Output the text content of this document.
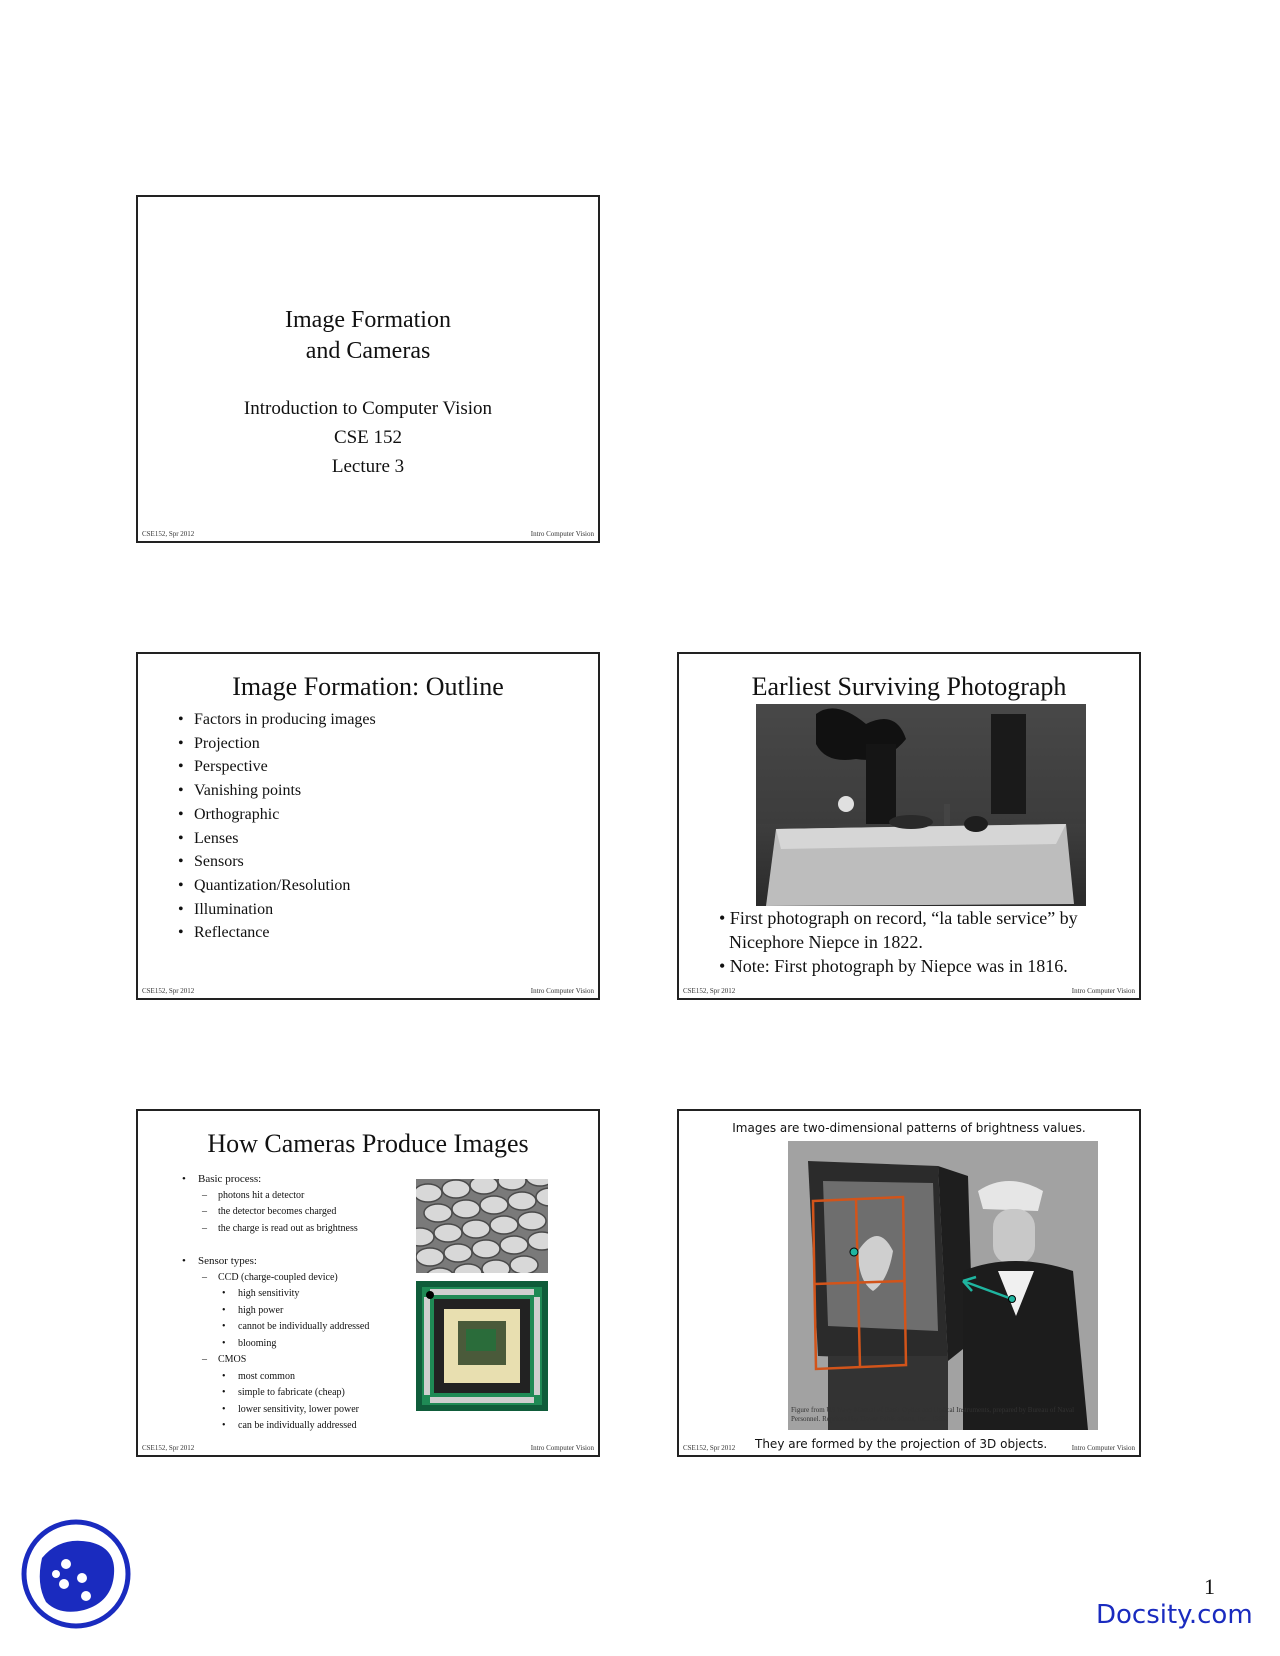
Image Formation
and Cameras
Introduction to Computer Vision
CSE 152
Lecture 3
CSE152, Spr 2012	Intro Computer Vision
Image Formation: Outline
• Factors in producing images
• Projection
• Perspective
• Vanishing points
• Orthographic
• Lenses
• Sensors
• Quantization/Resolution
• Illumination
• Reflectance
CSE152, Spr 2012	Intro Computer Vision
Earliest Surviving Photograph
• First photograph on record, “la table service” by Nicephore Niepce in 1822.
• Note: First photograph by Niepce was in 1816.
CSE152, Spr 2012	Intro Computer Vision
How Cameras Produce Images
• Basic process:
– photons hit a detector
– the detector becomes charged
– the charge is read out as brightness
• Sensor types:
– CCD (charge-coupled device)
• high sensitivity
• high power
• cannot be individually addressed
• blooming
– CMOS
• most common
• simple to fabricate (cheap)
• lower sensitivity, lower power
• can be individually addressed
CSE152, Spr 2012	Intro Computer Vision
Images are two-dimensional patterns of brightness values.
Figure from US Navy Manual of Basic Optics and Optical Instruments, prepared by Bureau of Naval Personnel. Reprinted by Dover Publications, Inc., 1969.
They are formed by the projection of 3D objects.
CSE152, Spr 2012	Intro Computer Vision
1
Docsity.com
